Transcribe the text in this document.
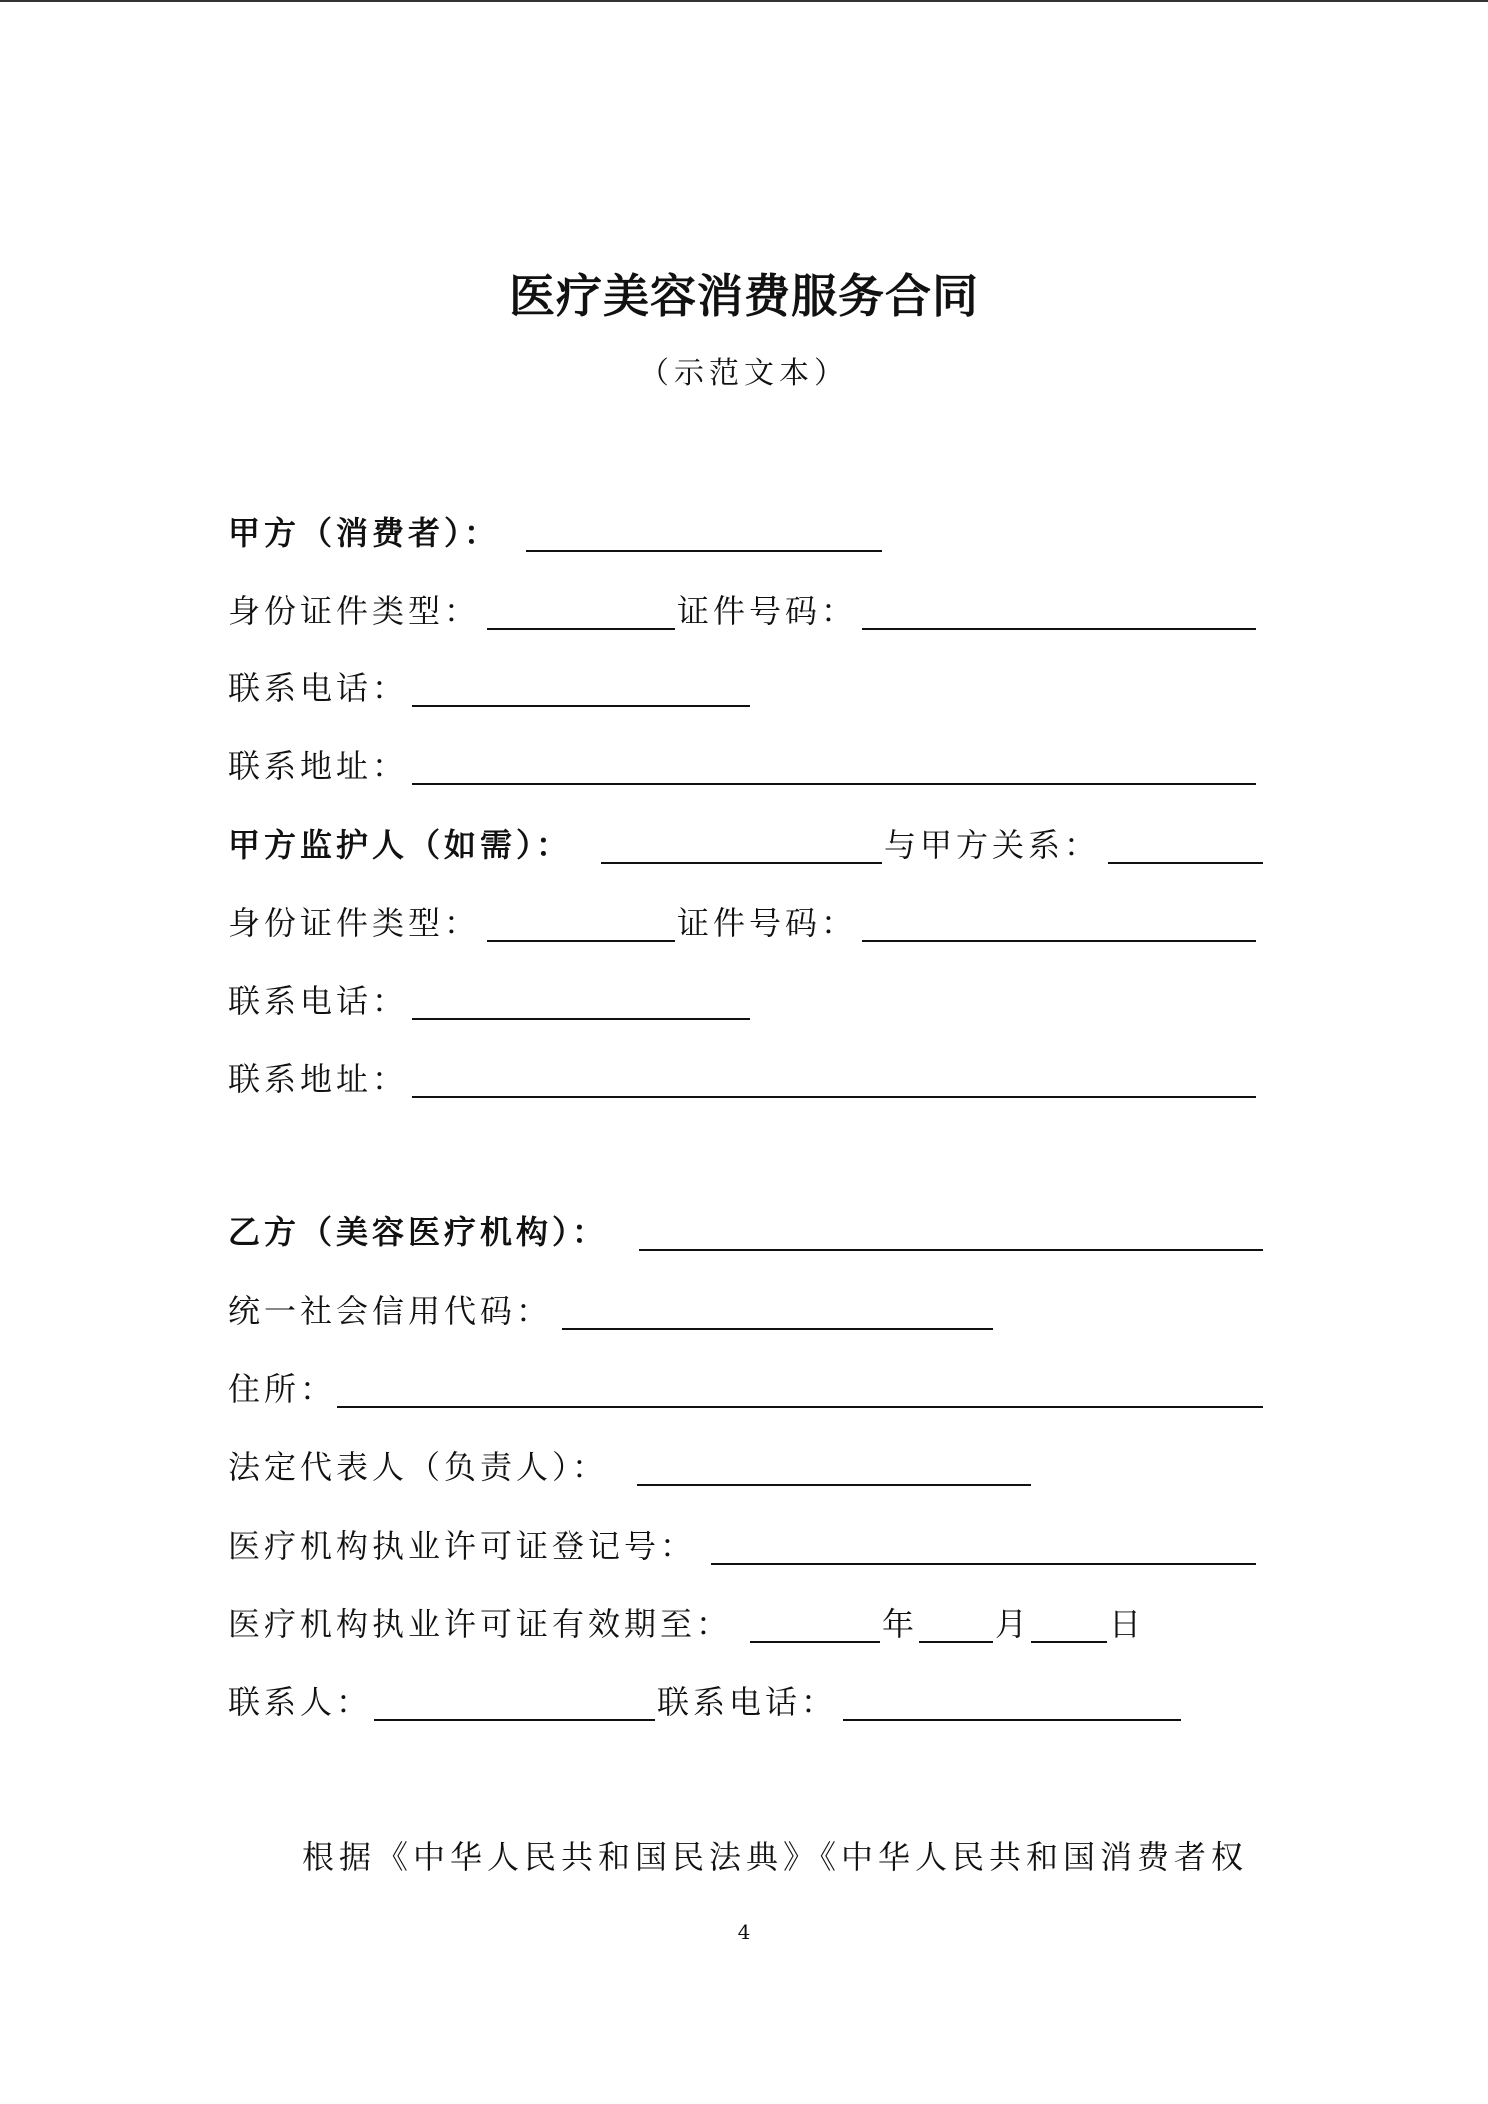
医疗美容消费服务合同
（示范文本）
甲方（消费者）：
身份证件类型：	证件号码：
联系电话：
联系地址：
甲方监护人（如需）：	与甲方关系：
身份证件类型：	证件号码：
联系电话：
联系地址：
乙方（美容医疗机构）：
统一社会信用代码：
住所：
法定代表人（负责人）：
医疗机构执业许可证登记号：
医疗机构执业许可证有效期至：	年 月 日
联系人：	联系电话：
根据《中华人民共和国民法典》《中华人民共和国消费者权
4
